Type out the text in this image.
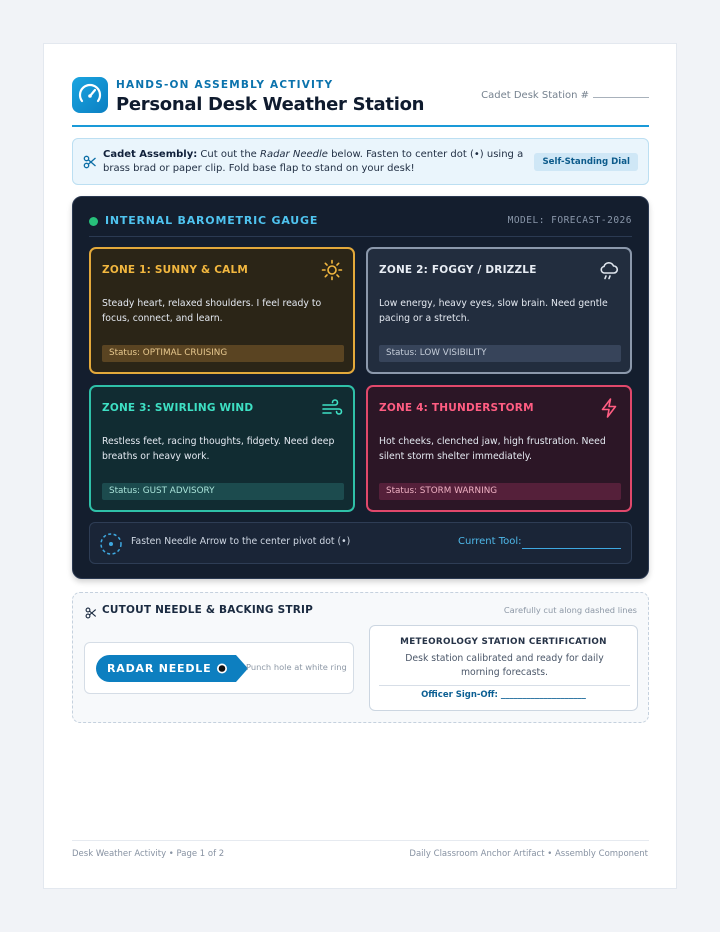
HANDS-ON ASSEMBLY ACTIVITY
Personal Desk Weather Station	Cadet Desk Station #
Cadet Assembly: Cut out the Radar Needle below. Fasten to center dot (•) using a brass brad or paper clip. Fold base flap to stand on your desk!
Self-Standing Dial
INTERNAL BAROMETRIC GAUGE	MODEL: FORECAST-2026
ZONE 1: SUNNY & CALM
Steady heart, relaxed shoulders. I feel ready to focus, connect, and learn.
Status: OPTIMAL CRUISING
ZONE 2: FOGGY / DRIZZLE
Low energy, heavy eyes, slow brain. Need gentle pacing or a stretch.
Status: LOW VISIBILITY
ZONE 3: SWIRLING WIND
Restless feet, racing thoughts, fidgety. Need deep breaths or heavy work.
Status: GUST ADVISORY
ZONE 4: THUNDERSTORM
Hot cheeks, clenched jaw, high frustration. Need silent storm shelter immediately.
Status: STORM WARNING
Fasten Needle Arrow to the center pivot dot (•)	Current Tool:
CUTOUT NEEDLE & BACKING STRIP	Carefully cut along dashed lines
RADAR NEEDLE	Punch hole at white ring
METEOROLOGY STATION CERTIFICATION
Desk station calibrated and ready for daily morning forecasts.
Officer Sign-Off: ____________________
Desk Weather Activity • Page 1 of 2	Daily Classroom Anchor Artifact • Assembly Component
